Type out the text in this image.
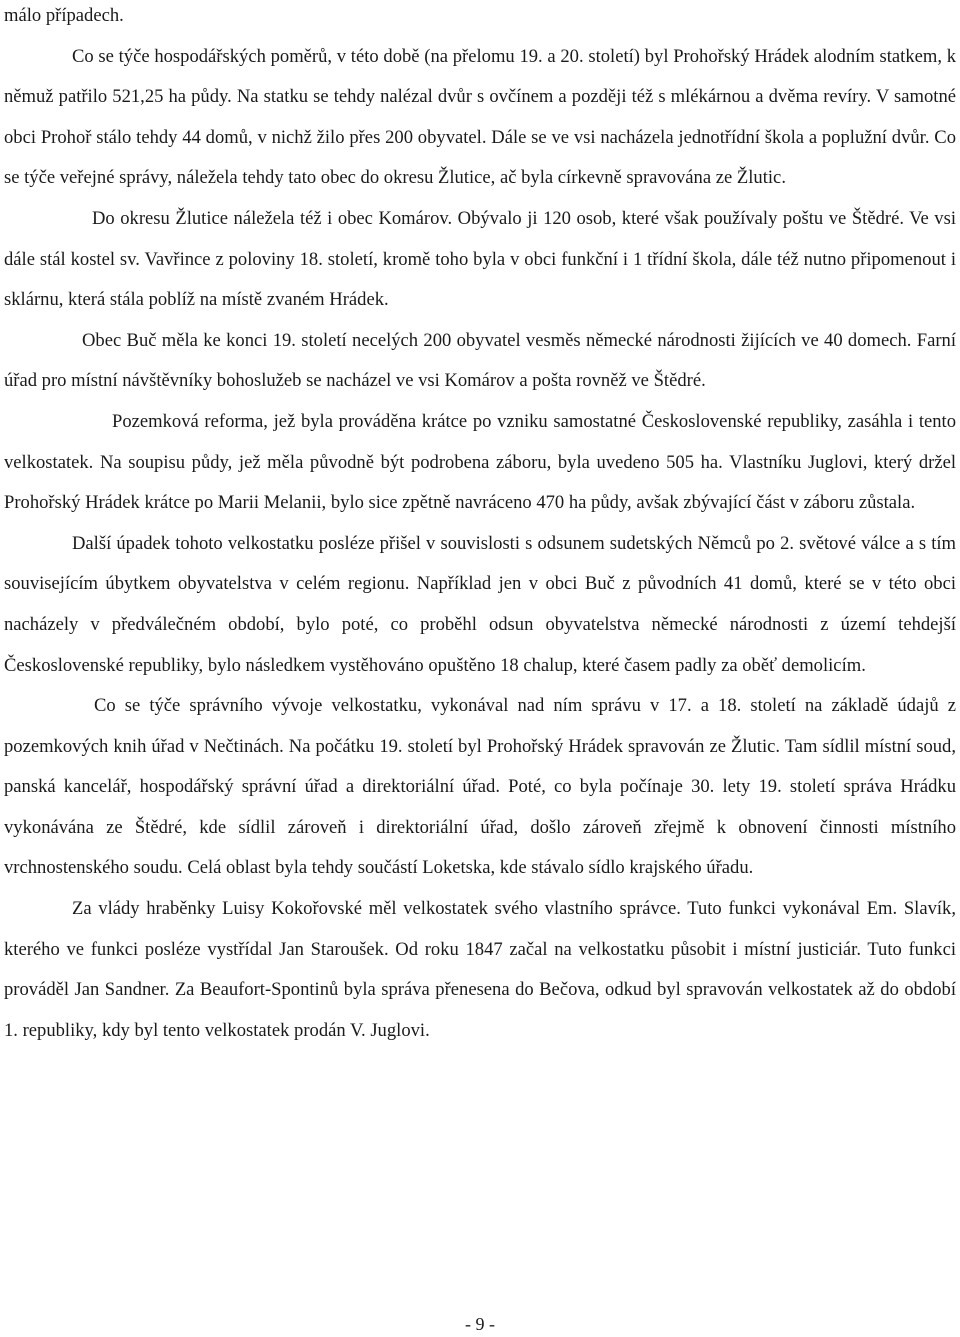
málo případech.

Co se týče hospodářských poměrů, v této době (na přelomu 19. a 20. století) byl Prohořský Hrádek alodním statkem, k němuž patřilo 521,25 ha půdy. Na statku se tehdy nalézal dvůr s ovčínem a později též s mlékárnou a dvěma revíry. V samotné obci Prohoř stálo tehdy 44 domů, v nichž žilo přes 200 obyvatel. Dále se ve vsi nacházela jednotřídní škola a poplužní dvůr. Co se týče veřejné správy, náležela tehdy tato obec do okresu Žlutice, ač byla církevně spravována ze Žlutic.

Do okresu Žlutice náležela též i obec Komárov. Obývalo ji 120 osob, které však používaly poštu ve Štědré. Ve vsi dále stál kostel sv. Vavřince z poloviny 18. století, kromě toho byla v obci funkční i 1 třídní škola, dále též nutno připomenout i sklárnu, která stála poblíž na místě zvaném Hrádek.

Obec Buč měla ke konci 19. století necelých 200 obyvatel vesměs německé národnosti žijících ve 40 domech. Farní úřad pro místní návštěvníky bohoslužeb se nacházel ve vsi Komárov a pošta rovněž ve Štědré.

Pozemková reforma, jež byla prováděna krátce po vzniku samostatné Československé republiky, zasáhla i tento velkostatek. Na soupisu půdy, jež měla původně být podrobena záboru, byla uvedeno 505 ha. Vlastníku Juglovi, který držel Prohořský Hrádek krátce po Marii Melanii, bylo sice zpětně navráceno 470 ha půdy, avšak zbývající část v záboru zůstala.

Další úpadek tohoto velkostatku posléze přišel v souvislosti s odsunem sudetských Němců po 2. světové válce a s tím souvisejícím úbytkem obyvatelstva v celém regionu. Například jen v obci Buč z původních 41 domů, které se v této obci nacházely v předválečném období, bylo poté, co proběhl odsun obyvatelstva německé národnosti z území tehdejší Československé republiky, bylo následkem vystěhováno opuštěno 18 chalup, které časem padly za oběť demolicím.

Co se týče správního vývoje velkostatku, vykonával nad ním správu v 17. a 18. století na základě údajů z pozemkových knih úřad v Nečtinách. Na počátku 19. století byl Prohořský Hrádek spravován ze Žlutic. Tam sídlil místní soud, panská kancelář, hospodářský správní úřad a direktoriální úřad. Poté, co byla počínaje 30. lety 19. století správa Hrádku vykonávána ze Štědré, kde sídlil zároveň i direktoriální úřad, došlo zároveň zřejmě k obnovení činnosti místního vrchnostenského soudu. Celá oblast byla tehdy součástí Loketska, kde stávalo sídlo krajského úřadu.

Za vlády hraběnky Luisy Kokořovské měl velkostatek svého vlastního správce. Tuto funkci vykonával Em. Slavík, kterého ve funkci posléze vystřídal Jan Staroušek. Od roku 1847 začal na velkostatku působit i místní justiciár. Tuto funkci prováděl Jan Sandner. Za Beaufort-Spontinů byla správa přenesena do Bečova, odkud byl spravován velkostatek až do období 1. republiky, kdy byl tento velkostatek prodán V. Juglovi.

- 9 -
